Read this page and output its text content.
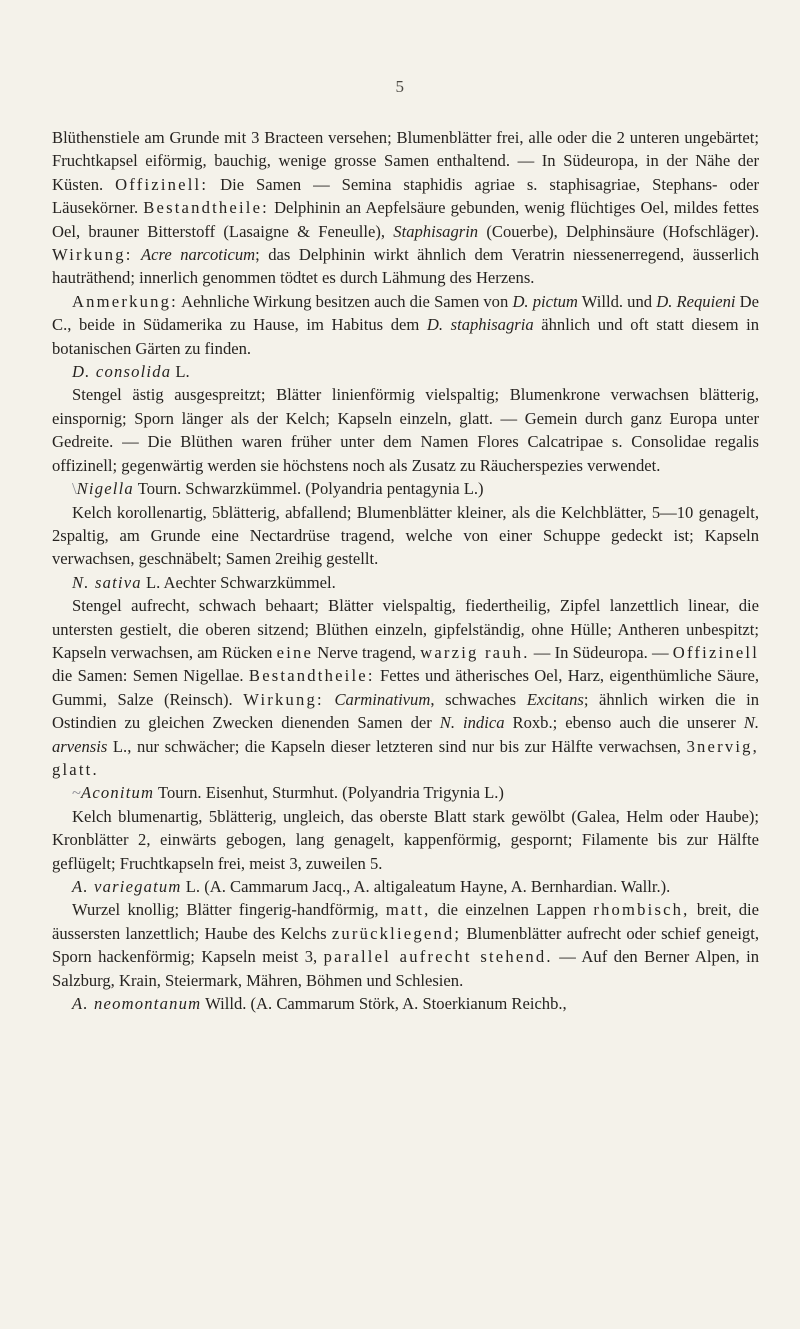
5

Blüthenstiele am Grunde mit 3 Bracteen versehen; Blumenblätter frei, alle oder die 2 unteren ungebärtet; Fruchtkapsel eiförmig, bauchig, wenige grosse Samen enthaltend. — In Südeuropa, in der Nähe der Küsten. Offizinell: Die Samen — Semina staphidis agriae s. staphisagriae, Stephans- oder Läusekörner. Bestandtheile: Delphinin an Aepfelsäure gebunden, wenig flüchtiges Oel, mildes fettes Oel, brauner Bitterstoff (Lasaigne & Feneulle), Staphisagrin (Couerbe), Delphinsäure (Hofschläger). Wirkung: Acre narcoticum; das Delphinin wirkt ähnlich dem Veratrin niessenerregend, äusserlich hauträthend; innerlich genommen tödtet es durch Lähmung des Herzens.

Anmerkung: Aehnliche Wirkung besitzen auch die Samen von D. pictum Willd. und D. Requieni De C., beide in Südamerika zu Hause, im Habitus dem D. staphisagria ähnlich und oft statt diesem in botanischen Gärten zu finden.

D. consolida L.

Stengel ästig ausgespreitzt; Blätter linienförmig vielspaltig; Blumenkrone verwachsen blätterig, einspornig; Sporn länger als der Kelch; Kapseln einzeln, glatt. — Gemein durch ganz Europa unter Gedreite. — Die Blüthen waren früher unter dem Namen Flores Calcatripae s. Consolidae regalis offizinell; gegenwärtig werden sie höchstens noch als Zusatz zu Räucherspezies verwendet.

\Nigella Tourn. Schwarzkümmel. (Polyandria pentagynia L.)

Kelch korollenartig, 5blätterig, abfallend; Blumenblätter kleiner, als die Kelchblätter, 5—10 genagelt, 2spaltig, am Grunde eine Nectardrüse tragend, welche von einer Schuppe gedeckt ist; Kapseln verwachsen, geschnäbelt; Samen 2reihig gestellt.

N. sativa L. Aechter Schwarzkümmel.

Stengel aufrecht, schwach behaart; Blätter vielspaltig, fiedertheilig, Zipfel lanzettlich linear, die untersten gestielt, die oberen sitzend; Blüthen einzeln, gipfelständig, ohne Hülle; Antheren unbespitzt; Kapseln verwachsen, am Rücken eine Nerve tragend, warzig rauh. — In Südeuropa. — Offizinell die Samen: Semen Nigellae. Bestandtheile: Fettes und ätherisches Oel, Harz, eigenthümliche Säure, Gummi, Salze (Reinsch). Wirkung: Carminativum, schwaches Excitans; ähnlich wirken die in Ostindien zu gleichen Zwecken dienenden Samen der N. indica Roxb.; ebenso auch die unserer N. arvensis L., nur schwächer; die Kapseln dieser letzteren sind nur bis zur Hälfte verwachsen, 3nervig, glatt.

~Aconitum Tourn. Eisenhut, Sturmhut. (Polyandria Trigynia L.)

Kelch blumenartig, 5blätterig, ungleich, das oberste Blatt stark gewölbt (Galea, Helm oder Haube); Kronblätter 2, einwärts gebogen, lang genagelt, kappenförmig, gespornt; Filamente bis zur Hälfte geflügelt; Fruchtkapseln frei, meist 3, zuweilen 5.

A. variegatum L. (A. Cammarum Jacq., A. altigaleatum Hayne, A. Bernhardian. Wallr.).

Wurzel knollig; Blätter fingerig-handförmig, matt, die einzelnen Lappen rhombisch, breit, die äussersten lanzettlich; Haube des Kelchs zurückliegend; Blumenblätter aufrecht oder schief geneigt, Sporn hackenförmig; Kapseln meist 3, parallel aufrecht stehend. — Auf den Berner Alpen, in Salzburg, Krain, Steiermark, Mähren, Böhmen und Schlesien.

A. neomontanum Willd. (A. Cammarum Störk, A. Stoerkianum Reichb.,
